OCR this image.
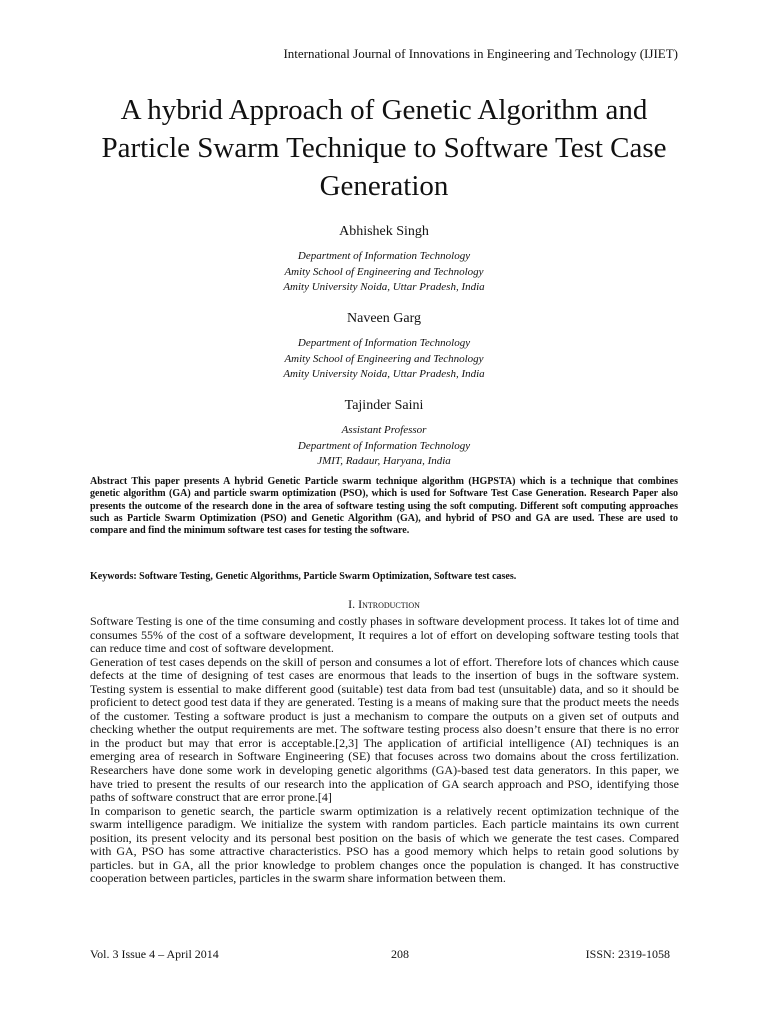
International Journal of Innovations in Engineering and Technology (IJIET)
A hybrid Approach of Genetic Algorithm and Particle Swarm Technique to Software Test Case Generation
Abhishek Singh
Department of Information Technology
Amity School of Engineering and Technology
Amity University Noida, Uttar Pradesh, India
Naveen Garg
Department of Information Technology
Amity School of Engineering and Technology
Amity University Noida, Uttar Pradesh, India
Tajinder Saini
Assistant Professor
Department of Information Technology
JMIT, Radaur, Haryana, India
Abstract This paper presents A hybrid Genetic Particle swarm technique algorithm (HGPSTA) which is a technique that combines genetic algorithm (GA) and particle swarm optimization (PSO), which is used for Software Test Case Generation. Research Paper also presents the outcome of the research done in the area of software testing using the soft computing. Different soft computing approaches such as Particle Swarm Optimization (PSO) and Genetic Algorithm (GA), and hybrid of PSO and GA are used. These are used to compare and find the minimum software test cases for testing the software.
Keywords: Software Testing, Genetic Algorithms, Particle Swarm Optimization, Software test cases.
I. Introduction

Software Testing is one of the time consuming and costly phases in software development process. It takes lot of time and consumes 55% of the cost of a software development, It requires a lot of effort on developing software testing tools that can reduce time and cost of software development.

Generation of test cases depends on the skill of person and consumes a lot of effort. Therefore lots of chances which cause defects at the time of designing of test cases are enormous that leads to the insertion of bugs in the software system. Testing system is essential to make different good (suitable) test data from bad test (unsuitable) data, and so it should be proficient to detect good test data if they are generated. Testing is a means of making sure that the product meets the needs of the customer. Testing a software product is just a mechanism to compare the outputs on a given set of outputs and checking whether the output requirements are met. The software testing process also doesn’t ensure that there is no error in the product but may that error is acceptable.[2,3] The application of artificial intelligence (AI) techniques is an emerging area of research in Software Engineering (SE) that focuses across two domains about the cross fertilization. Researchers have done some work in developing genetic algorithms (GA)-based test data generators. In this paper, we have tried to present the results of our research into the application of GA search approach and PSO, identifying those paths of software construct that are error prone.[4]

In comparison to genetic search, the particle swarm optimization is a relatively recent optimization technique of the swarm intelligence paradigm. We initialize the system with random particles. Each particle maintains its own current position, its present velocity and its personal best position on the basis of which we generate the test cases. Compared with GA, PSO has some attractive characteristics. PSO has a good memory which helps to retain good solutions by particles. but in GA, all the prior knowledge to problem changes once the population is changed. It has constructive cooperation between particles, particles in the swarm share information between them.

Vol. 3 Issue 4 – April 2014	208	ISSN: 2319-1058
